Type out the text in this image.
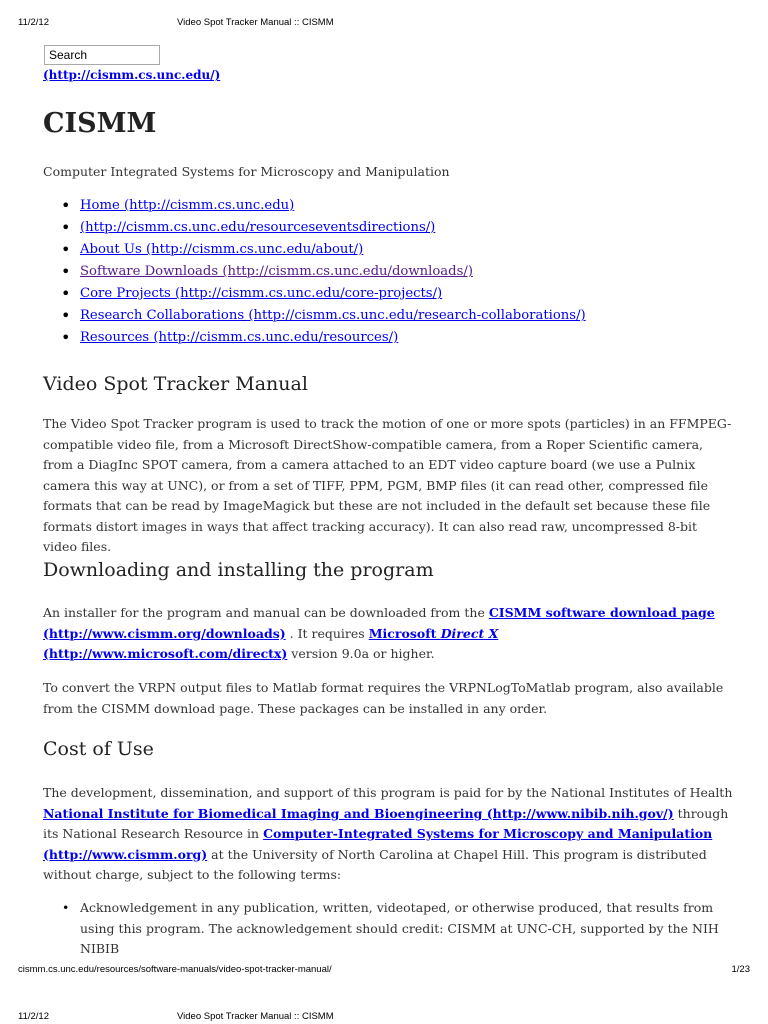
11/2/12	Video Spot Tracker Manual :: CISMM
Search
(http://cismm.cs.unc.edu/)
CISMM

Computer Integrated Systems for Microscopy and Manipulation

• Home (http://cismm.cs.unc.edu)
• (http://cismm.cs.unc.edu/resourceseventsdirections/)
• About Us (http://cismm.cs.unc.edu/about/)
• Software Downloads (http://cismm.cs.unc.edu/downloads/)
• Core Projects (http://cismm.cs.unc.edu/core-projects/)
• Research Collaborations (http://cismm.cs.unc.edu/research-collaborations/)
• Resources (http://cismm.cs.unc.edu/resources/)
Video Spot Tracker Manual

The Video Spot Tracker program is used to track the motion of one or more spots (particles) in an FFMPEG-compatible video file, from a Microsoft DirectShow-compatible camera, from a Roper Scientific camera, from a DiagInc SPOT camera, from a camera attached to an EDT video capture board (we use a Pulnix camera this way at UNC), or from a set of TIFF, PPM, PGM, BMP files (it can read other, compressed file formats that can be read by ImageMagick but these are not included in the default set because these file formats distort images in ways that affect tracking accuracy). It can also read raw, uncompressed 8-bit video files.

Downloading and installing the program

An installer for the program and manual can be downloaded from the CISMM software download page (http://www.cismm.org/downloads) . It requires Microsoft Direct X (http://www.microsoft.com/directx) version 9.0a or higher.

To convert the VRPN output files to Matlab format requires the VRPNLogToMatlab program, also available from the CISMM download page. These packages can be installed in any order.

Cost of Use

The development, dissemination, and support of this program is paid for by the National Institutes of Health National Institute for Biomedical Imaging and Bioengineering (http://www.nibib.nih.gov/) through its National Research Resource in Computer-Integrated Systems for Microscopy and Manipulation (http://www.cismm.org) at the University of North Carolina at Chapel Hill. This program is distributed without charge, subject to the following terms:

• Acknowledgement in any publication, written, videotaped, or otherwise produced, that results from using this program. The acknowledgement should credit: CISMM at UNC-CH, supported by the NIH NIBIB
cismm.cs.unc.edu/resources/software-manuals/video-spot-tracker-manual/	1/23
11/2/12	Video Spot Tracker Manual :: CISMM
